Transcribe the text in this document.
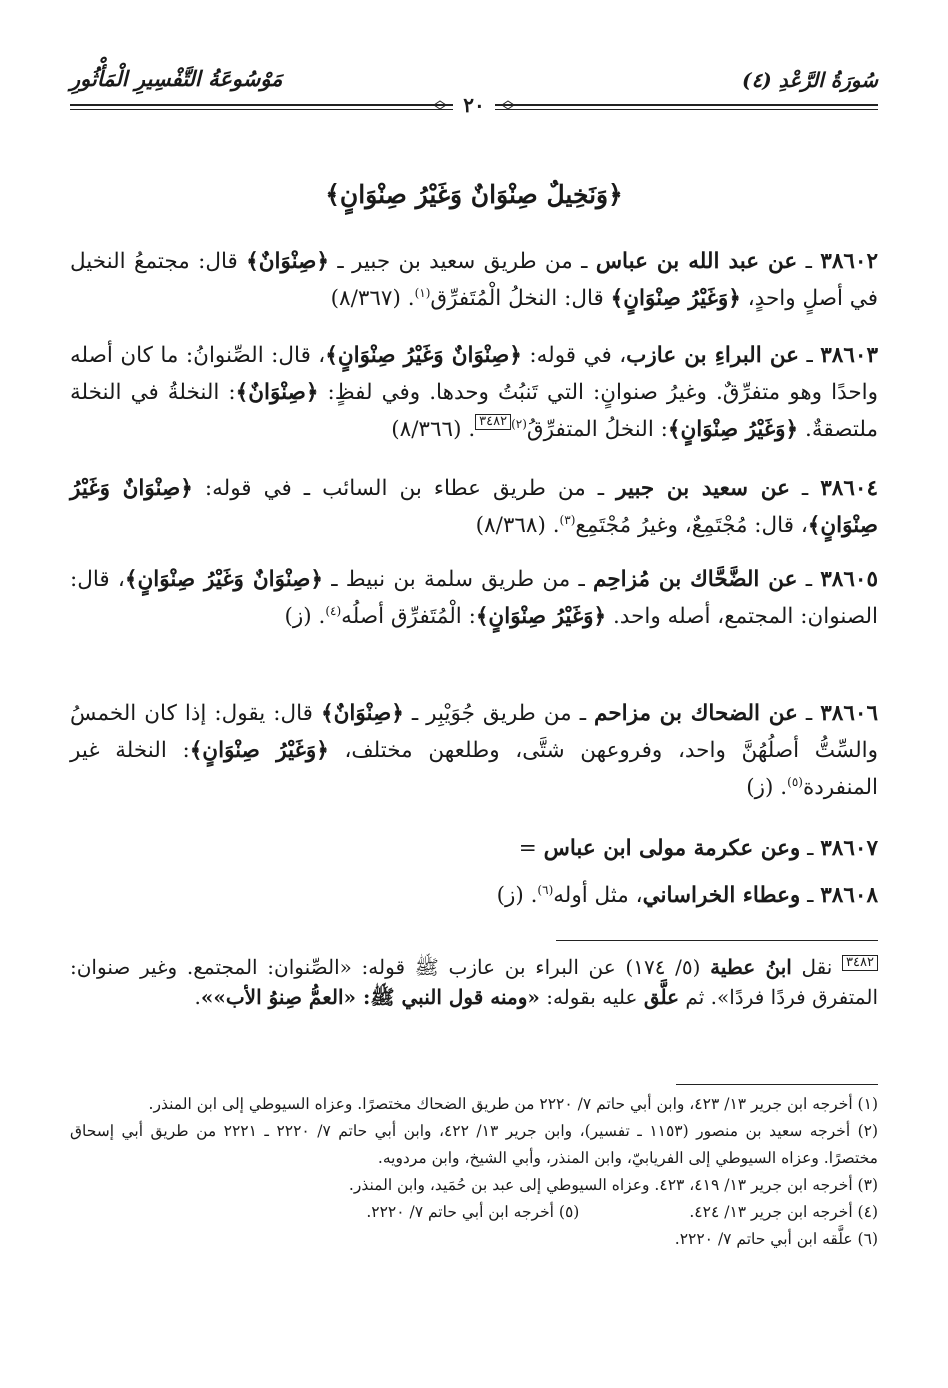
سُورَةُ الرَّعْدِ (٤)
مَوْسُوعَةُ التَّفْسِيرِ الْمَأْثُورِ
٢٠
﴿وَنَخِيلٌ صِنْوَانٌ وَغَيْرُ صِنْوَانٍ﴾
٣٨٦٠٢ ـ عن عبد الله بن عباس ـ من طريق سعيد بن جبير ـ ﴿صِنْوَانٌ﴾ قال: مجتمعُ النخيل في أصلٍ واحدٍ، ﴿وَغَيْرُ صِنْوَانٍ﴾ قال: النخلُ الْمُتَفرِّق$^{(١)}$. (٨/٣٦٧)
٣٨٦٠٣ ـ عن البراءِ بن عازب، في قوله: ﴿صِنْوَانٌ وَغَيْرُ صِنْوَانٍ﴾، قال: الصِّنوانُ: ما كان أصله واحدًا وهو متفرِّقٌ. وغيرُ صنوانٍ: التي تَنبُتُ وحدها. وفي لفظٍ: ﴿صِنْوَانٌ﴾: النخلةُ في النخلة ملتصقةٌ. ﴿وَغَيْرُ صِنْوَانٍ﴾: النخلُ المتفرِّقُ$^{(٢)}$٣٤٨٢. (٨/٣٦٦)
٣٨٦٠٤ ـ عن سعيد بن جبير ـ من طريق عطاء بن السائب ـ في قوله: ﴿صِنْوَانٌ وَغَيْرُ صِنْوَانٍ﴾، قال: مُجْتَمِعٌ، وغيرُ مُجْتَمِع$^{(٣)}$. (٨/٣٦٨)
٣٨٦٠٥ ـ عن الضَّحَّاك بن مُزاحِم ـ من طريق سلمة بن نبيط ـ ﴿صِنْوَانٌ وَغَيْرُ صِنْوَانٍ﴾، قال: الصنوان: المجتمع، أصله واحد. ﴿وَغَيْرُ صِنْوَانٍ﴾: الْمُتَفرِّق أصلُه$^{(٤)}$. (ز)
٣٨٦٠٦ ـ عن الضحاك بن مزاحم ـ من طريق جُوَيْبِر ـ ﴿صِنْوَانٌ﴾ قال: يقول: إذا كان الخمسُ والسِّتُّ أصلُهُنَّ واحد، وفروعهن شتَّى، وطلعهن مختلف، ﴿وَغَيْرُ صِنْوَانٍ﴾: النخلة غير المنفردة$^{(٥)}$. (ز)
٣٨٦٠٧ ـ وعن عكرمة مولى ابن عباس =
٣٨٦٠٨ ـ وعطاء الخراساني، مثل أوله$^{(٦)}$. (ز)
٣٤٨٢ نقل ابنُ عطية (٥/ ١٧٤) عن البراء بن عازب ﷺ قوله: «الصِّنوان: المجتمع. وغير صنوان: المتفرق فردًا فردًا». ثم علَّق عليه بقوله: «ومنه قول النبي ﷺ: «العمُّ صِنوُ الأب»».
(١) أخرجه ابن جرير ١٣/ ٤٢٣، وابن أبي حاتم ٧/ ٢٢٢٠ من طريق الضحاك مختصرًا. وعزاه السيوطي إلى ابن المنذر.
(٢) أخرجه سعيد بن منصور (١١٥٣ ـ تفسير)، وابن جرير ١٣/ ٤٢٢، وابن أبي حاتم ٧/ ٢٢٢٠ ـ ٢٢٢١ من طريق أبي إسحاق مختصرًا. وعزاه السيوطي إلى الفريابيّ، وابن المنذر، وأبي الشيخ، وابن مردويه.
(٣) أخرجه ابن جرير ١٣/ ٤١٩، ٤٢٣. وعزاه السيوطي إلى عبد بن حُمَيد، وابن المنذر.
(٤) أخرجه ابن جرير ١٣/ ٤٢٤.
(٥) أخرجه ابن أبي حاتم ٧/ ٢٢٢٠.
(٦) علَّقه ابن أبي حاتم ٧/ ٢٢٢٠.
